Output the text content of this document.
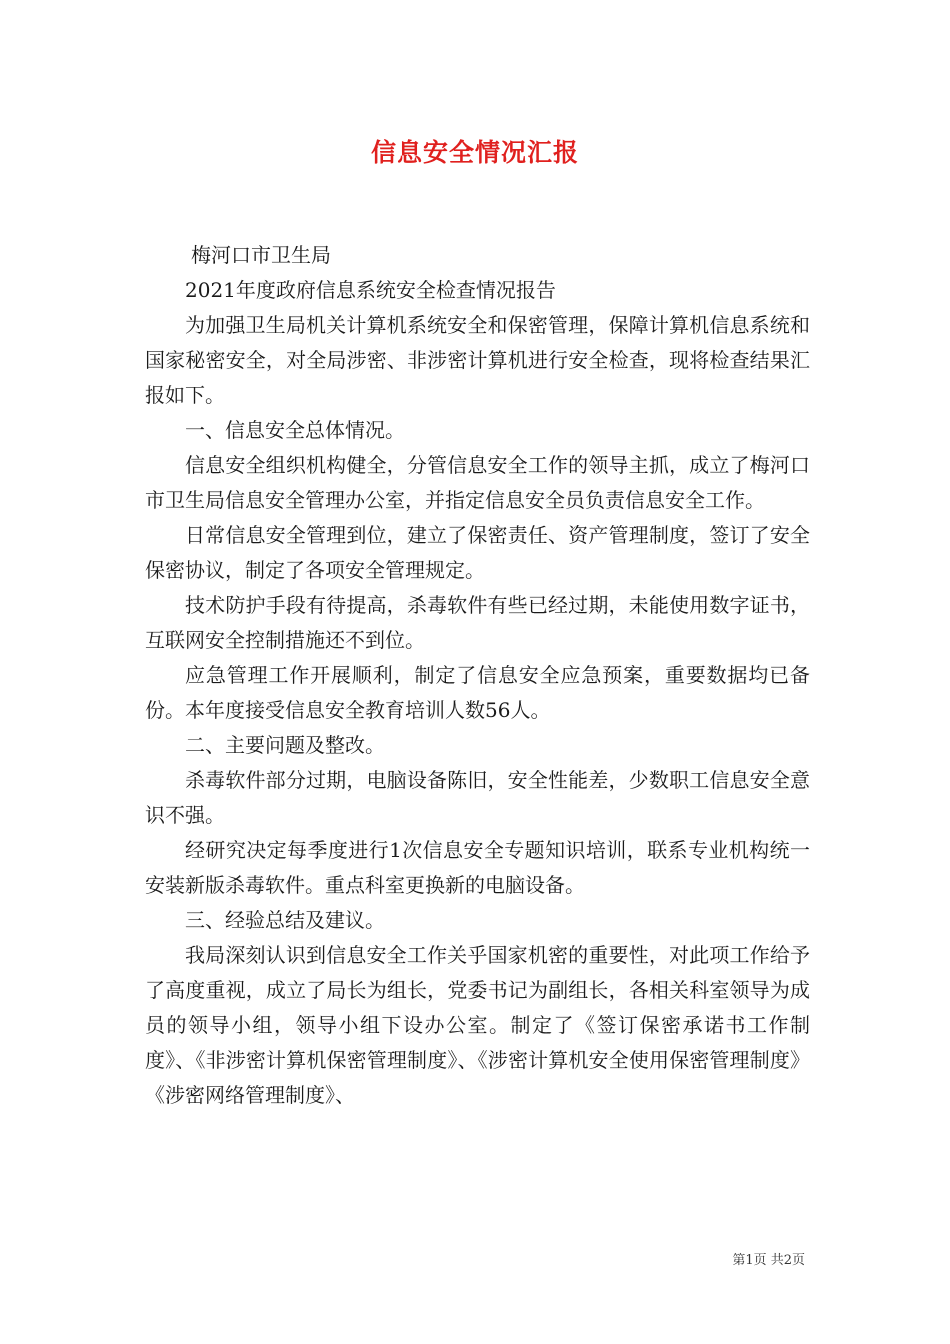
信息安全情况汇报

梅河口市卫生局

2021年度政府信息系统安全检查情况报告

为加强卫生局机关计算机系统安全和保密管理，保障计算机信息系统和国家秘密安全，对全局涉密、非涉密计算机进行安全检查，现将检查结果汇报如下。

一、信息安全总体情况。

信息安全组织机构健全，分管信息安全工作的领导主抓，成立了梅河口市卫生局信息安全管理办公室，并指定信息安全员负责信息安全工作。

日常信息安全管理到位，建立了保密责任、资产管理制度，签订了安全保密协议，制定了各项安全管理规定。

技术防护手段有待提高，杀毒软件有些已经过期，未能使用数字证书，互联网安全控制措施还不到位。

应急管理工作开展顺利，制定了信息安全应急预案，重要数据均已备份。本年度接受信息安全教育培训人数56人。

二、主要问题及整改。

杀毒软件部分过期，电脑设备陈旧，安全性能差，少数职工信息安全意识不强。

经研究决定每季度进行1次信息安全专题知识培训，联系专业机构统一安装新版杀毒软件。重点科室更换新的电脑设备。

三、经验总结及建议。

我局深刻认识到信息安全工作关乎国家机密的重要性，对此项工作给予了高度重视，成立了局长为组长，党委书记为副组长，各相关科室领导为成员的领导小组，领导小组下设办公室。制定了《签订保密承诺书工作制度》、《非涉密计算机保密管理制度》、《涉密计算机安全使用保密管理制度》《涉密网络管理制度》、

第1页 共2页
